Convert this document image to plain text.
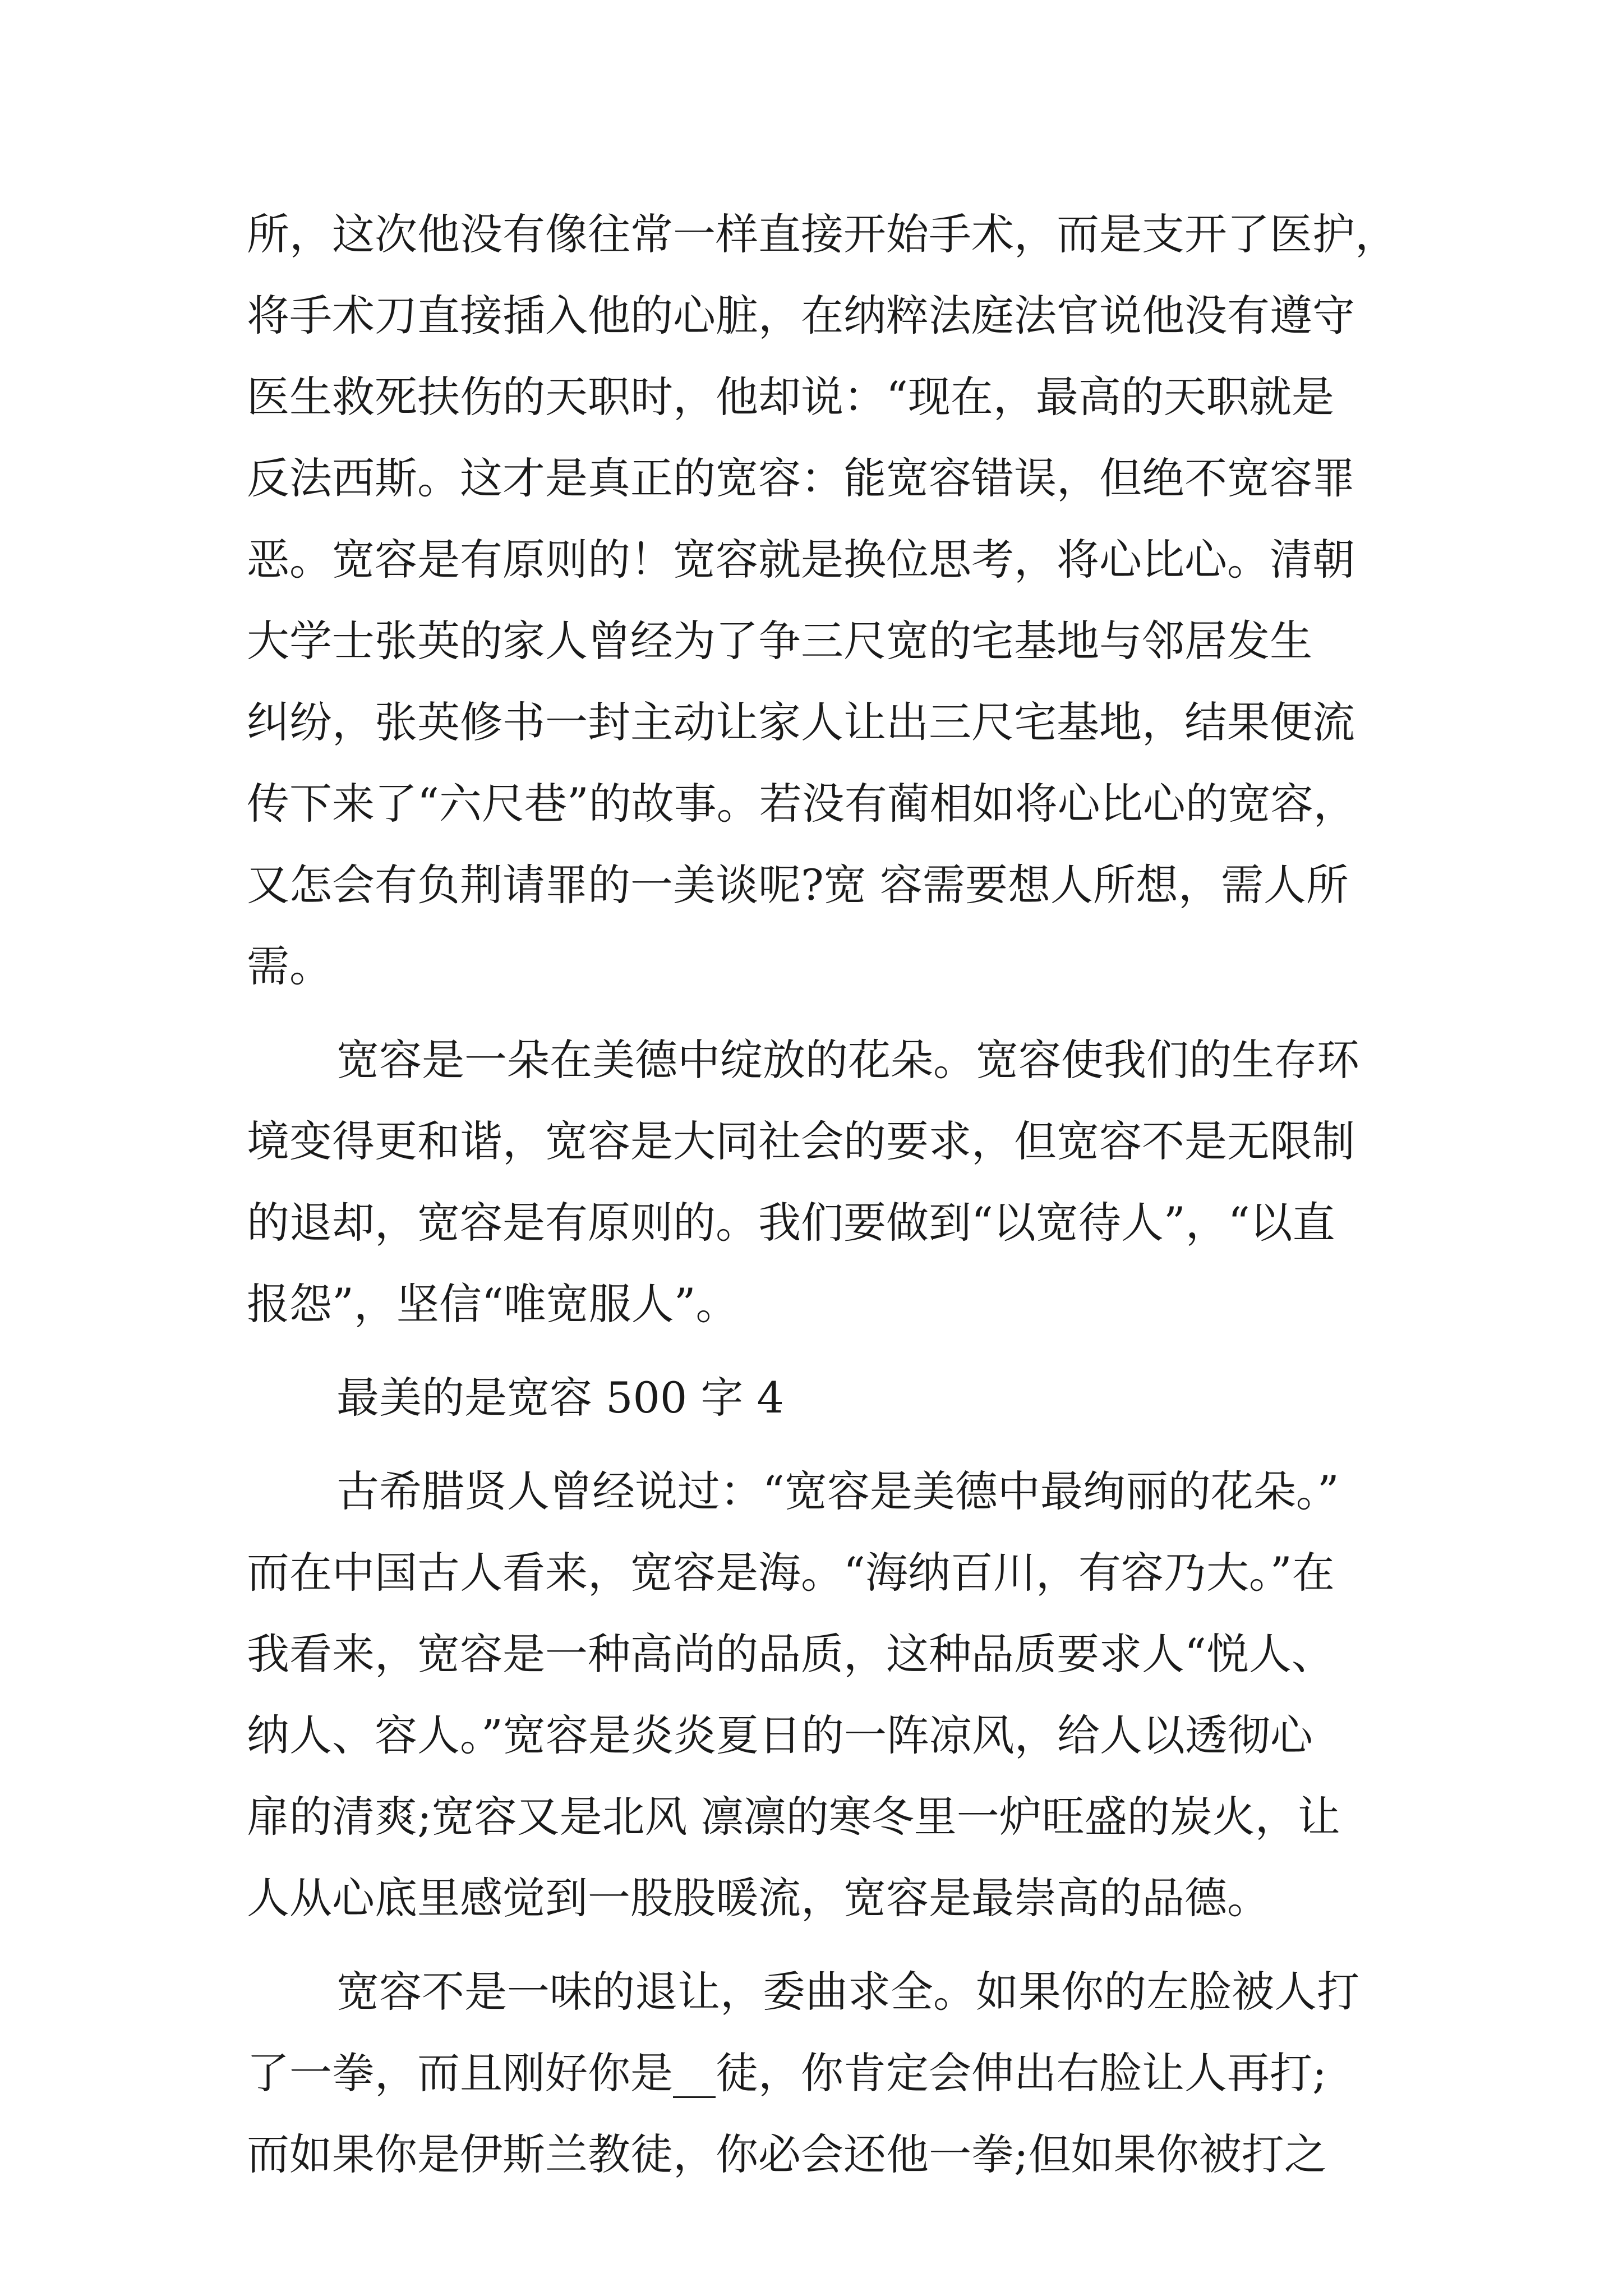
所，这次他没有像往常一样直接开始手术，而是支开了医护，
将手术刀直接插入他的心脏，在纳粹法庭法官说他没有遵守
医生救死扶伤的天职时，他却说：“现在，最高的天职就是
反法西斯。这才是真正的宽容：能宽容错误，但绝不宽容罪
恶。宽容是有原则的！宽容就是换位思考，将心比心。清朝
大学士张英的家人曾经为了争三尺宽的宅基地与邻居发生
纠纷，张英修书一封主动让家人让出三尺宅基地，结果便流
传下来了“六尺巷”的故事。若没有蔺相如将心比心的宽容，
又怎会有负荆请罪的一美谈呢?宽 容需要想人所想，需人所
需。
宽容是一朵在美德中绽放的花朵。宽容使我们的生存环
境变得更和谐，宽容是大同社会的要求，但宽容不是无限制
的退却，宽容是有原则的。我们要做到“以宽待人”，“以直
报怨”，坚信“唯宽服人”。
最美的是宽容 500 字 4
古希腊贤人曾经说过：“宽容是美德中最绚丽的花朵。”
而在中国古人看来，宽容是海。“海纳百川，有容乃大。”在
我看来，宽容是一种高尚的品质，这种品质要求人“悦人、
纳人、容人。”宽容是炎炎夏日的一阵凉风，给人以透彻心
扉的清爽;宽容又是北风 凛凛的寒冬里一炉旺盛的炭火，让
人从心底里感觉到一股股暖流，宽容是最崇高的品德。
宽容不是一味的退让，委曲求全。如果你的左脸被人打
了一拳，而且刚好你是__徒，你肯定会伸出右脸让人再打;
而如果你是伊斯兰教徒，你必会还他一拳;但如果你被打之
